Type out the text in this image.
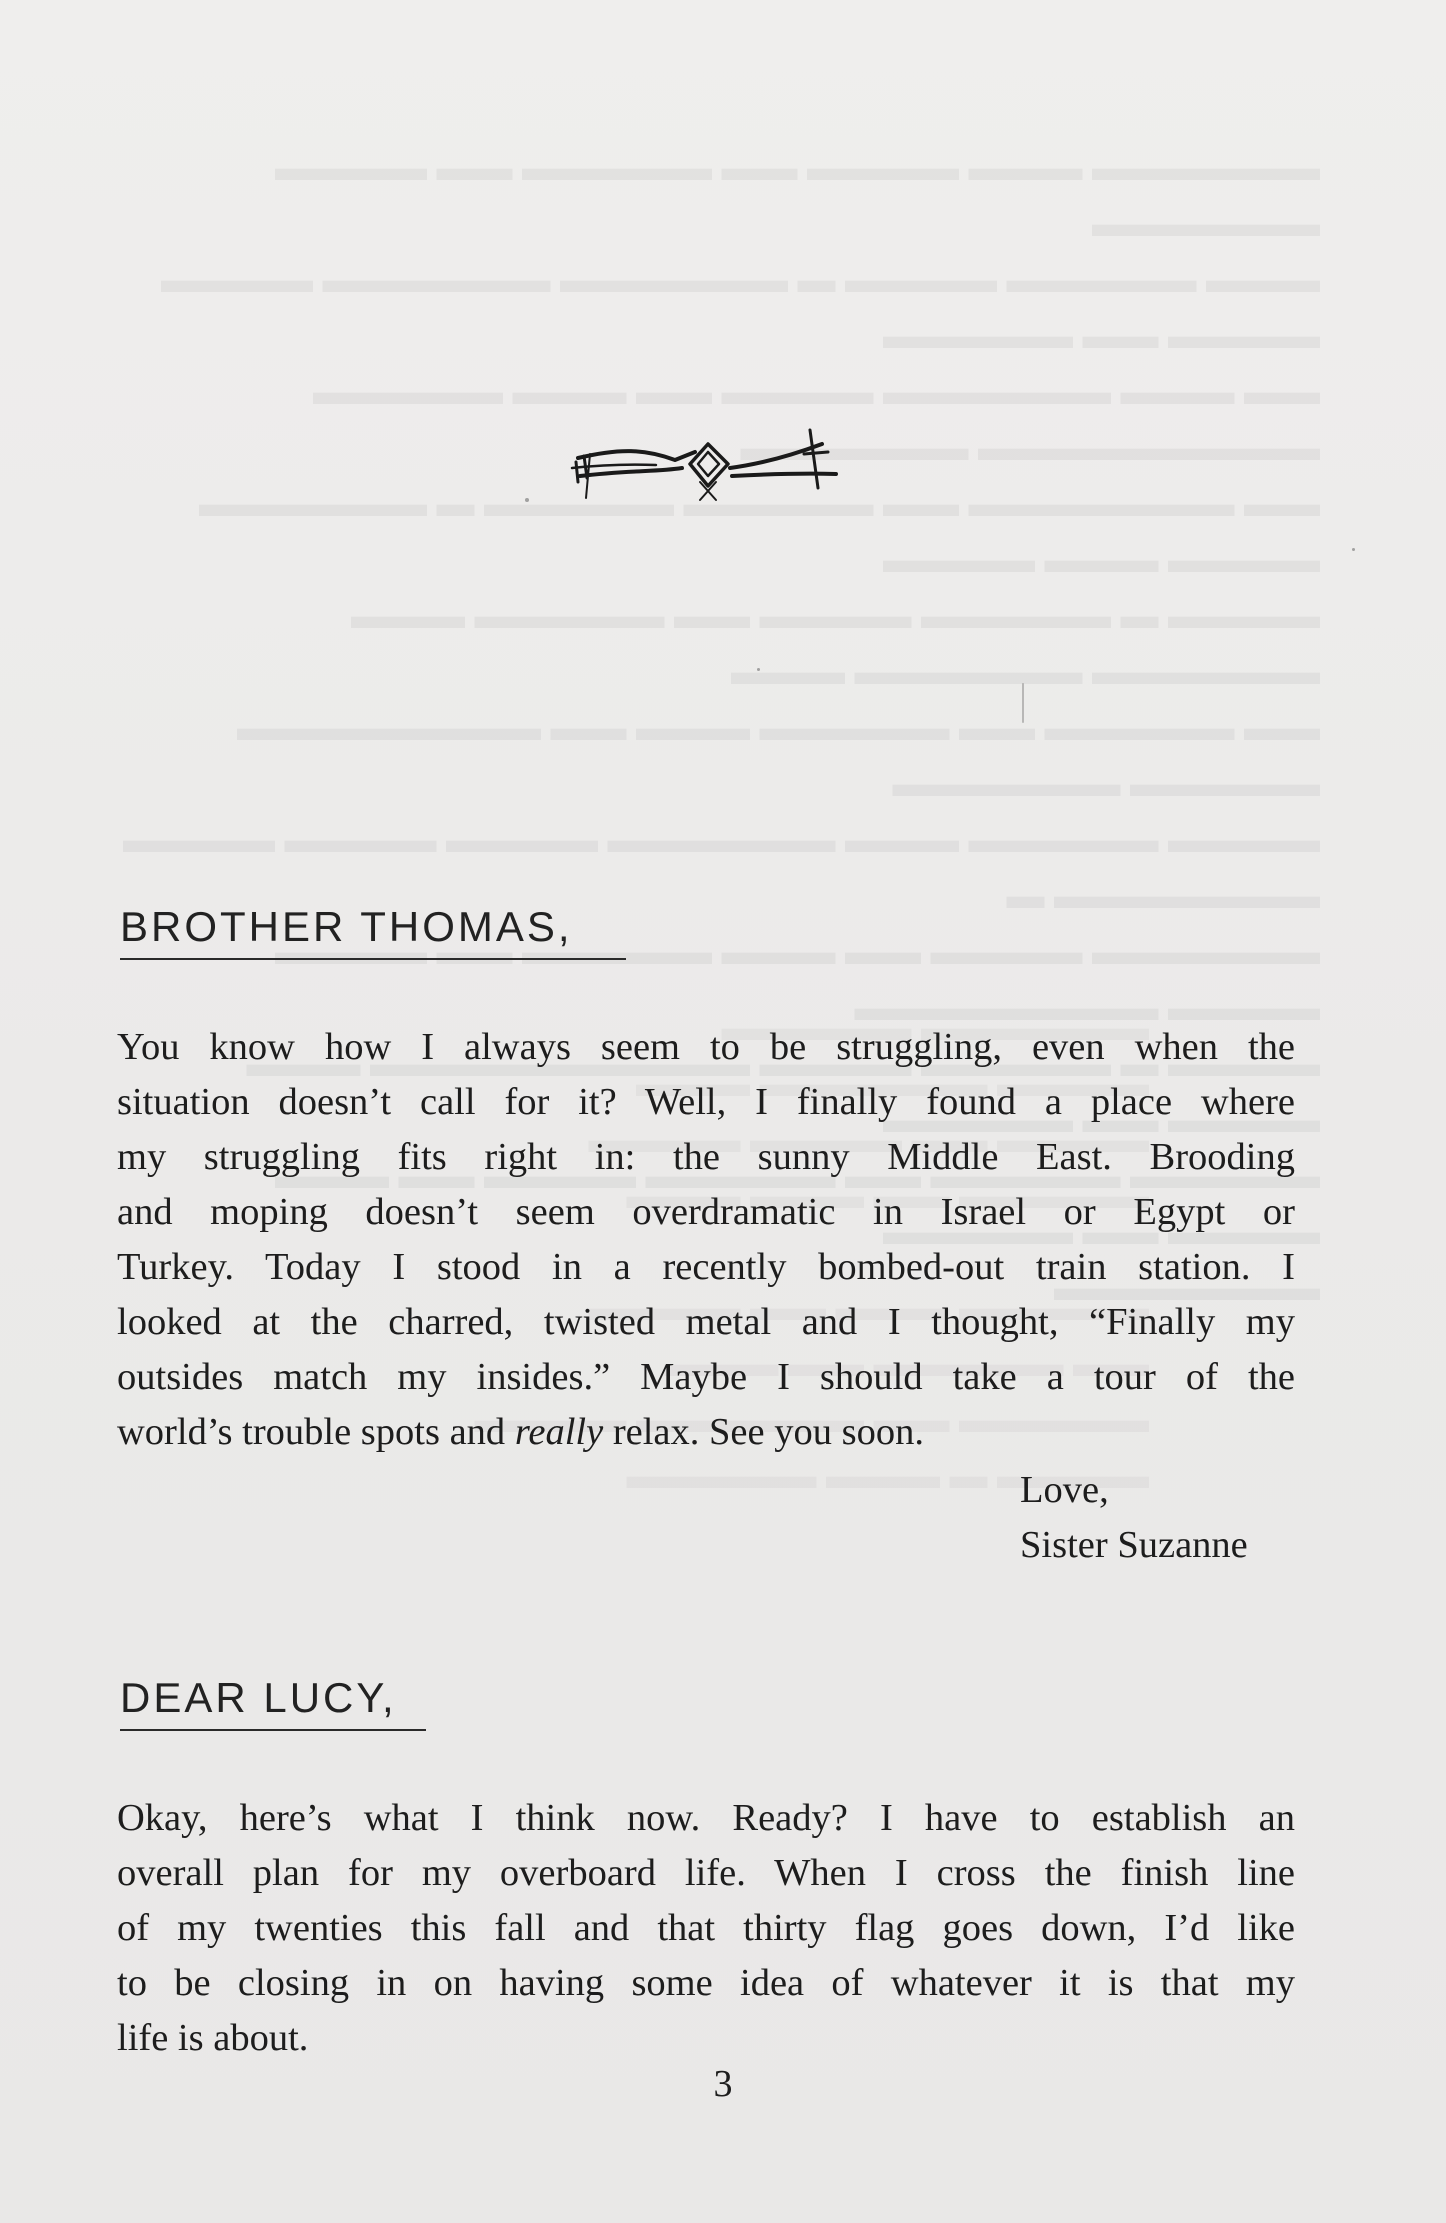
BROTHER THOMAS,
You know how I always seem to be struggling, even when the
situation doesn’t call for it? Well, I finally found a place where
my struggling fits right in: the sunny Middle East. Brooding
and moping doesn’t seem overdramatic in Israel or Egypt or
Turkey. Today I stood in a recently bombed-out train station. I
looked at the charred, twisted metal and I thought, “Finally my
outsides match my insides.” Maybe I should take a tour of the
world’s trouble spots and really relax. See you soon.
Love,
Sister Suzanne
DEAR LUCY,
Okay, here’s what I think now. Ready? I have to establish an
overall plan for my overboard life. When I cross the finish line
of my twenties this fall and that thirty flag goes down, I’d like
to be closing in on having some idea of whatever it is that my
life is about.
3
